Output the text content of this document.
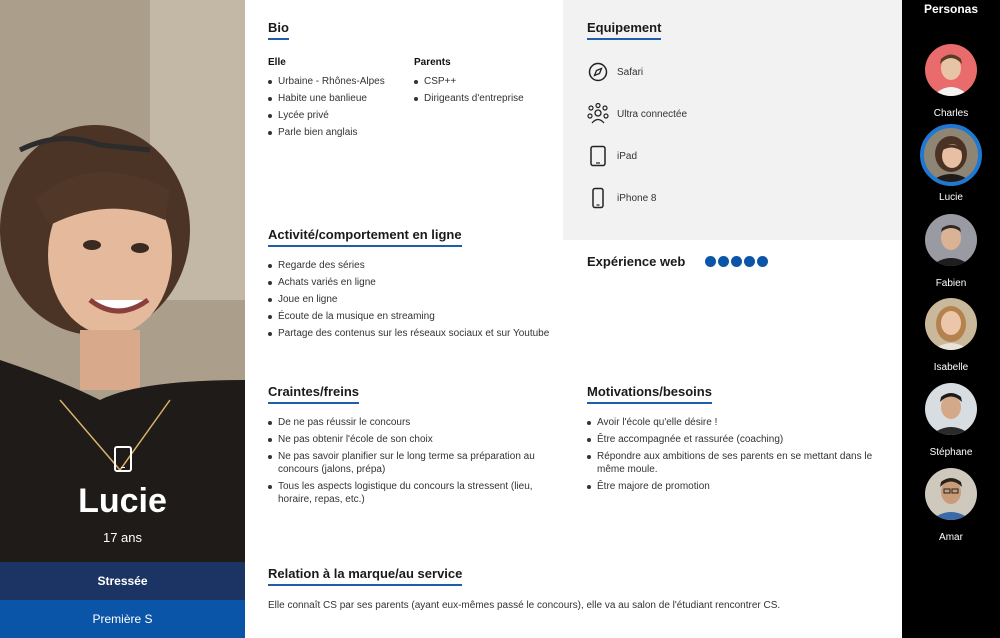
Lucie
17 ans
Stressée
Première S
Bio
Elle
Urbaine - Rhônes-Alpes
Habite une banlieue
Lycée privé
Parle bien anglais
Parents
CSP++
Dirigeants d'entreprise
Equipement
Safari
Ultra connectée
iPad
iPhone 8
Expérience web
Activité/comportement en ligne
Regarde des séries
Achats variés en ligne
Joue en ligne
Écoute de la musique en streaming
Partage des contenus sur les réseaux sociaux et sur Youtube
Craintes/freins
De ne pas réussir le concours
Ne pas obtenir l'école de son choix
Ne pas savoir planifier sur le long terme sa préparation au concours (jalons, prépa)
Tous les aspects logistique du concours la stressent (lieu, horaire, repas, etc.)
Motivations/besoins
Avoir l'école qu'elle désire !
Être accompagnée et rassurée (coaching)
Répondre aux ambitions de ses parents en se mettant dans le même moule.
Être majore de promotion
Relation à la marque/au service
Elle connaît CS par ses parents (ayant eux-mêmes passé le concours), elle va au salon de l'étudiant rencontrer CS.
Personas
Charles
Lucie
Fabien
Isabelle
Stéphane
Amar
